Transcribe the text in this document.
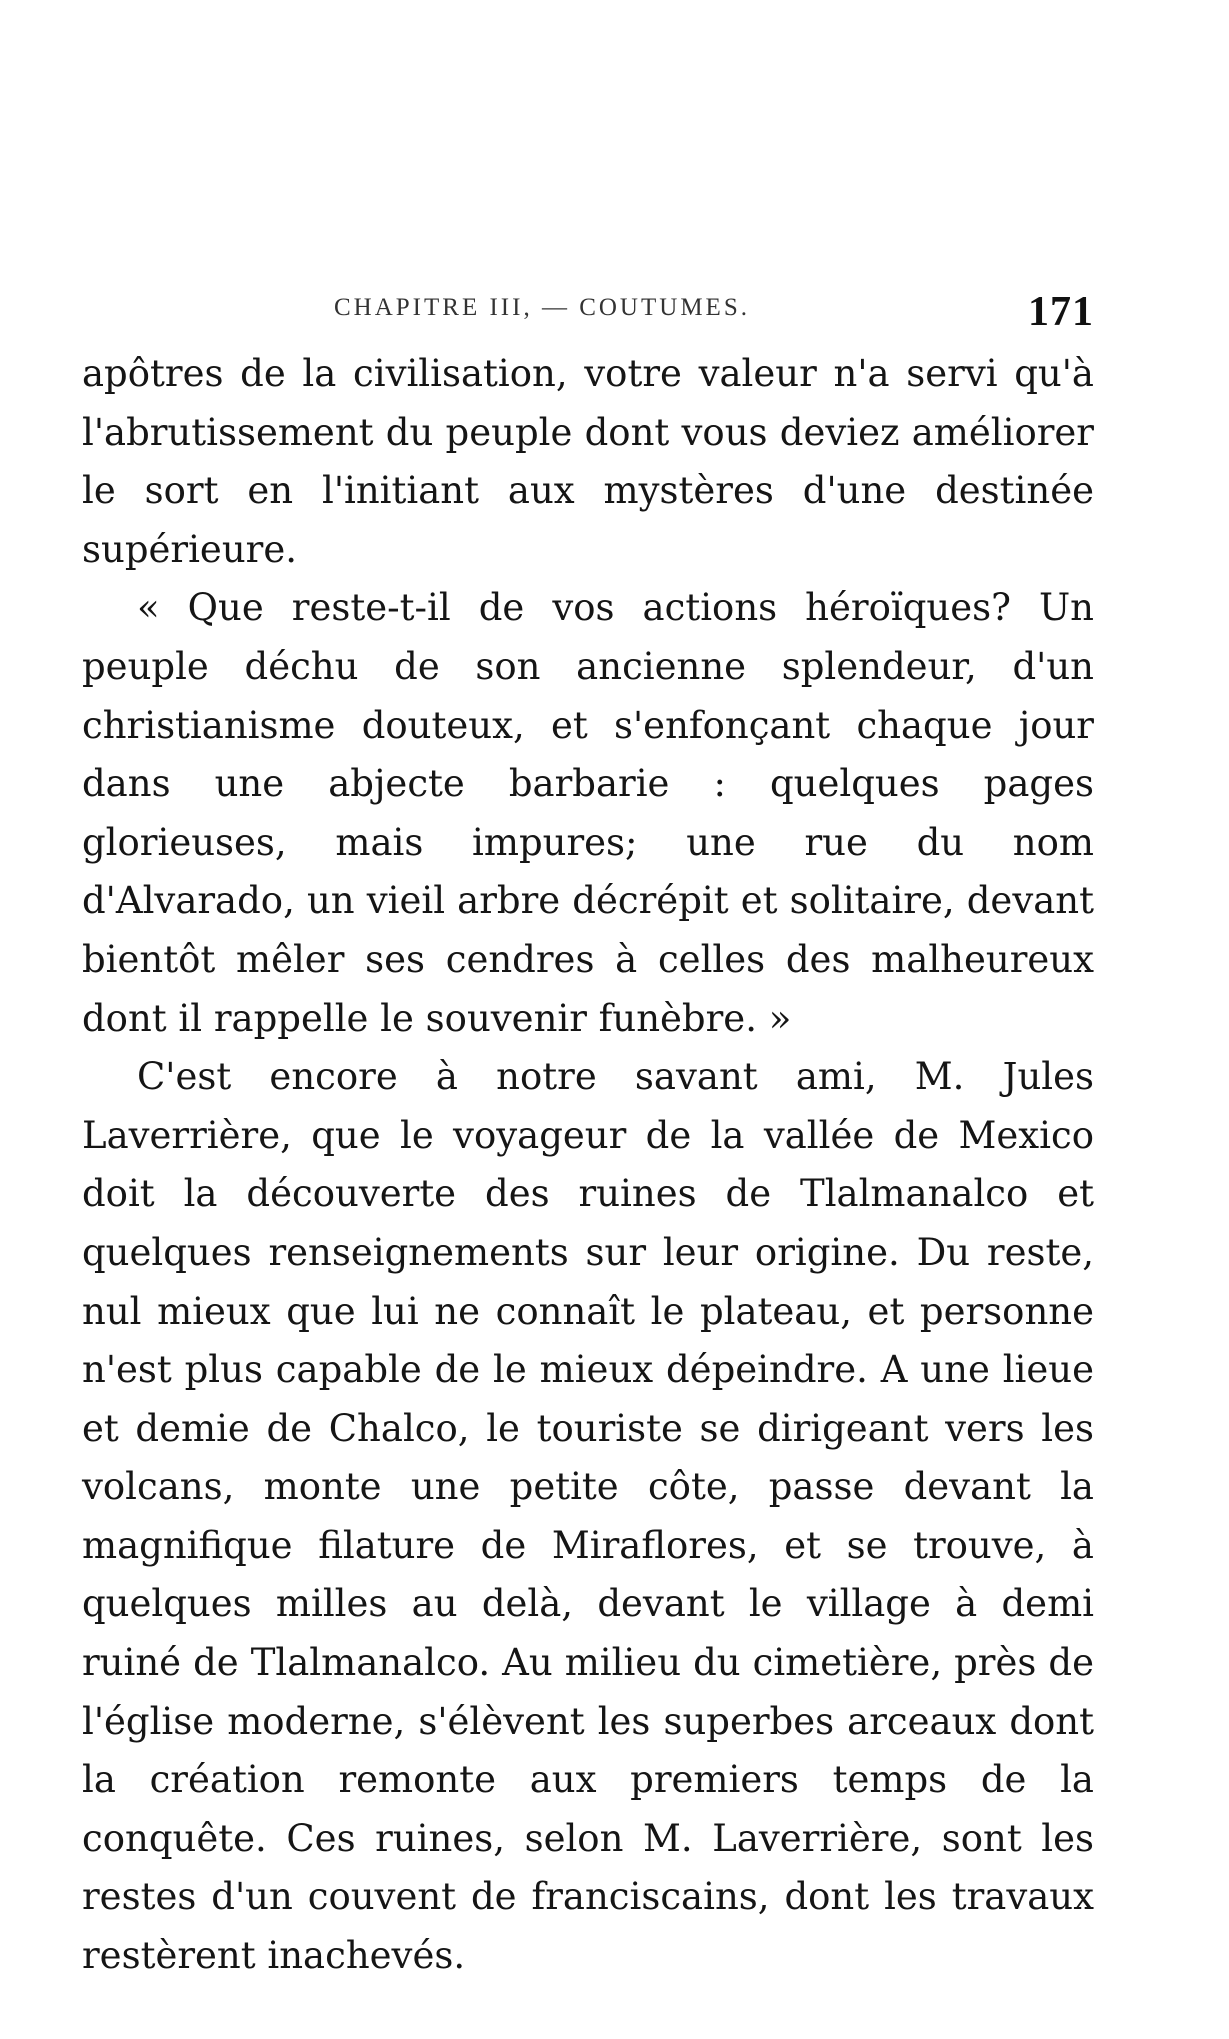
CHAPITRE III, — COUTUMES.	171

apôtres de la civilisation, votre valeur n'a servi qu'à l'abrutissement du peuple dont vous deviez améliorer le sort en l'initiant aux mystères d'une destinée supérieure.

« Que reste-t-il de vos actions héroïques? Un peuple déchu de son ancienne splendeur, d'un christianisme douteux, et s'enfonçant chaque jour dans une abjecte barbarie : quelques pages glorieuses, mais impures; une rue du nom d'Alvarado, un vieil arbre décrépit et solitaire, devant bientôt mêler ses cendres à celles des malheureux dont il rappelle le souvenir funèbre. »

C'est encore à notre savant ami, M. Jules Laverrière, que le voyageur de la vallée de Mexico doit la découverte des ruines de Tlalmanalco et quelques renseignements sur leur origine. Du reste, nul mieux que lui ne connaît le plateau, et personne n'est plus capable de le mieux dépeindre. A une lieue et demie de Chalco, le touriste se dirigeant vers les volcans, monte une petite côte, passe devant la magnifique filature de Miraflores, et se trouve, à quelques milles au delà, devant le village à demi ruiné de Tlalmanalco. Au milieu du cimetière, près de l'église moderne, s'élèvent les superbes arceaux dont la création remonte aux premiers temps de la conquête. Ces ruines, selon M. Laverrière, sont les restes d'un couvent de franciscains, dont les travaux restèrent inachevés.
